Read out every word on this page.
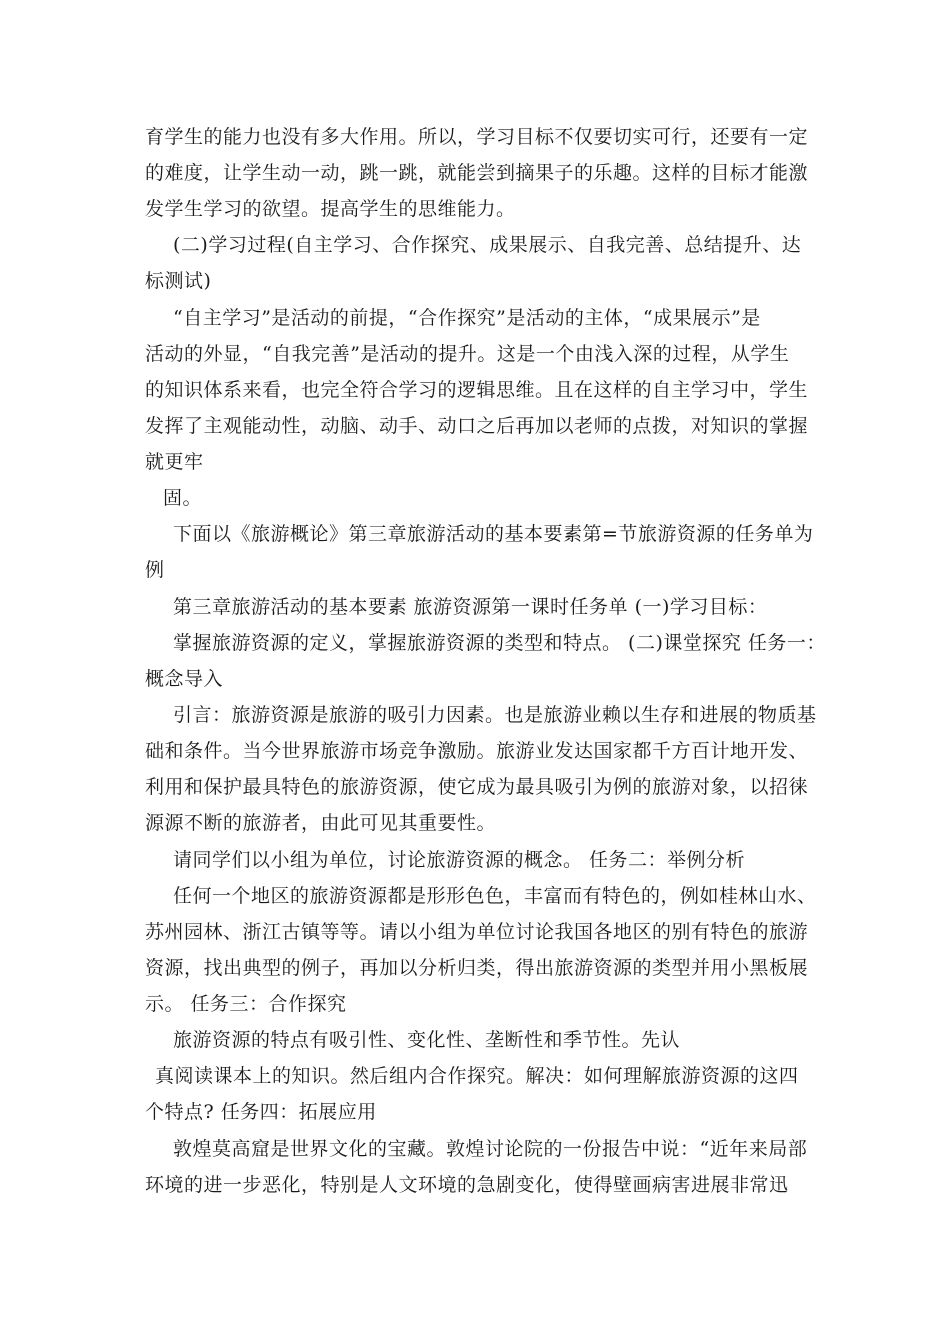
育学生的能力也没有多大作用。所以，学习目标不仅要切实可行，还要有一定
的难度，让学生动一动，跳一跳，就能尝到摘果子的乐趣。这样的目标才能激
发学生学习的欲望。提高学生的思维能力。
(二)学习过程(自主学习、合作探究、成果展示、自我完善、总结提升、达
标测试)
“自主学习”是活动的前提，“合作探究”是活动的主体，“成果展示”是
活动的外显，“自我完善”是活动的提升。这是一个由浅入深的过程，从学生
的知识体系来看，也完全符合学习的逻辑思维。且在这样的自主学习中，学生
发挥了主观能动性，动脑、动手、动口之后再加以老师的点拨，对知识的掌握
就更牢
固。
下面以《旅游概论》第三章旅游活动的基本要素第=节旅游资源的任务单为
例
第三章旅游活动的基本要素 旅游资源第一课时任务单 (一)学习目标：
掌握旅游资源的定义，掌握旅游资源的类型和特点。 (二)课堂探究 任务一：
概念导入
引言：旅游资源是旅游的吸引力因素。也是旅游业赖以生存和进展的物质基
础和条件。当今世界旅游市场竞争激励。旅游业发达国家都千方百计地开发、
利用和保护最具特色的旅游资源，使它成为最具吸引为例的旅游对象，以招徕
源源不断的旅游者，由此可见其重要性。
请同学们以小组为单位，讨论旅游资源的概念。 任务二：举例分析
任何一个地区的旅游资源都是形形色色，丰富而有特色的，例如桂林山水、
苏州园林、浙江古镇等等。请以小组为单位讨论我国各地区的别有特色的旅游
资源，找出典型的例子，再加以分析归类，得出旅游资源的类型并用小黑板展
示。 任务三：合作探究
旅游资源的特点有吸引性、变化性、垄断性和季节性。先认
真阅读课本上的知识。然后组内合作探究。解决：如何理解旅游资源的这四
个特点? 任务四：拓展应用
敦煌莫高窟是世界文化的宝藏。敦煌讨论院的一份报告中说：“近年来局部
环境的进一步恶化，特别是人文环境的急剧变化，使得壁画病害进展非常迅
